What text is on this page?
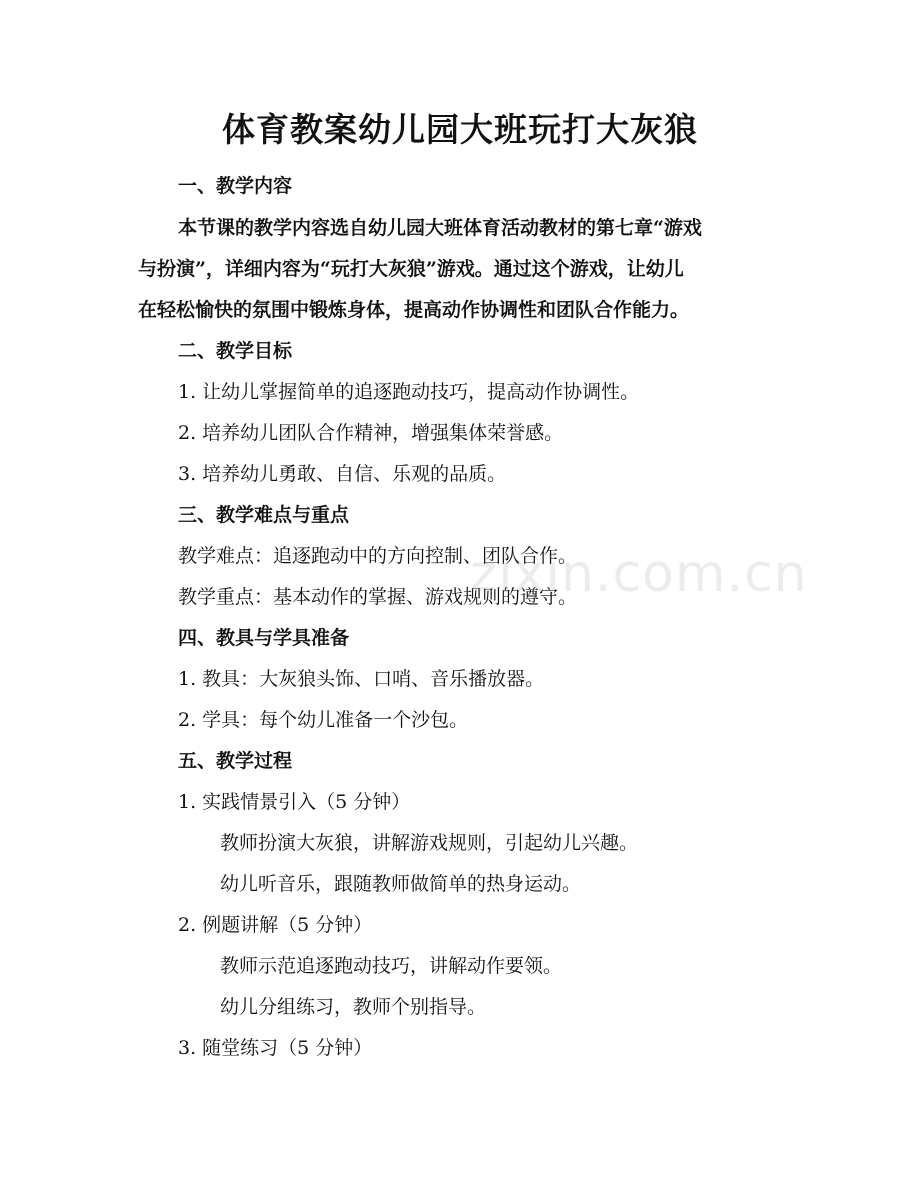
体育教案幼儿园大班玩打大灰狼

一、教学内容

本节课的教学内容选自幼儿园大班体育活动教材的第七章“游戏

与扮演”，详细内容为“玩打大灰狼”游戏。通过这个游戏，让幼儿

在轻松愉快的氛围中锻炼身体，提高动作协调性和团队合作能力。

二、教学目标

1. 让幼儿掌握简单的追逐跑动技巧，提高动作协调性。

2. 培养幼儿团队合作精神，增强集体荣誉感。

3. 培养幼儿勇敢、自信、乐观的品质。

三、教学难点与重点

教学难点：追逐跑动中的方向控制、团队合作。

教学重点：基本动作的掌握、游戏规则的遵守。

四、教具与学具准备

1. 教具：大灰狼头饰、口哨、音乐播放器。

2. 学具：每个幼儿准备一个沙包。

五、教学过程

1. 实践情景引入（5 分钟）

教师扮演大灰狼，讲解游戏规则，引起幼儿兴趣。

幼儿听音乐，跟随教师做简单的热身运动。

2. 例题讲解（5 分钟）

教师示范追逐跑动技巧，讲解动作要领。

幼儿分组练习，教师个别指导。

3. 随堂练习（5 分钟）

zixin.com.cn
